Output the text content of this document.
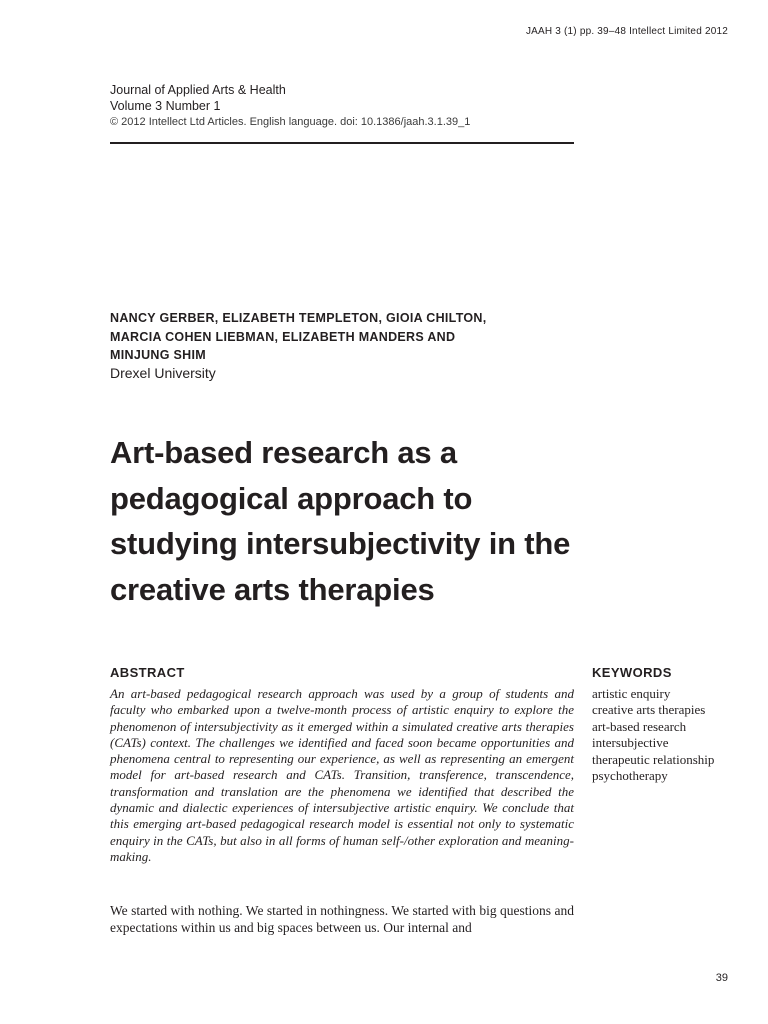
JAAH 3 (1) pp. 39–48 Intellect Limited 2012
Journal of Applied Arts & Health
Volume 3 Number 1
© 2012 Intellect Ltd Articles. English language. doi: 10.1386/jaah.3.1.39_1
NANCY GERBER, ELIZABETH TEMPLETON, GIOIA CHILTON,
MARCIA COHEN LIEBMAN, ELIZABETH MANDERS AND
MINJUNG SHIM
Drexel University
Art-based research as a pedagogical approach to studying intersubjectivity in the creative arts therapies
ABSTRACT

An art-based pedagogical research approach was used by a group of students and faculty who embarked upon a twelve-month process of artistic enquiry to explore the phenomenon of intersubjectivity as it emerged within a simulated creative arts therapies (CATs) context. The challenges we identified and faced soon became opportunities and phenomena central to representing our experience, as well as representing an emergent model for art-based research and CATs. Transition, transference, transcendence, transformation and translation are the phenomena we identified that described the dynamic and dialectic experiences of intersubjective artistic enquiry. We conclude that this emerging art-based pedagogical research model is essential not only to systematic enquiry in the CATs, but also in all forms of human self-/other exploration and meaning-making.

KEYWORDS
artistic enquiry
creative arts therapies
art-based research
intersubjective
therapeutic relationship
psychotherapy

We started with nothing. We started in nothingness. We started with big questions and expectations within us and big spaces between us. Our internal and

39
